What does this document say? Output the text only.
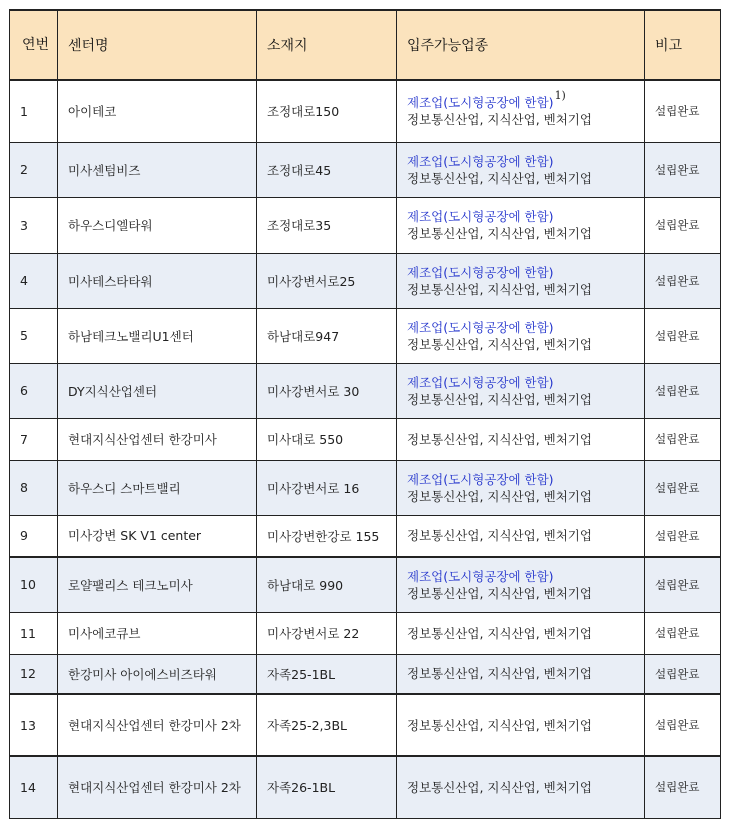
연번	센터명	소재지	입주가능업종	비고
1	아이테코	조정대로150	제조업(도시형공장에 한함) 1)
정보통신산업, 지식산업, 벤처기업	설립완료
2	미사센텀비즈	조정대로45	제조업(도시형공장에 한함)
정보통신산업, 지식산업, 벤처기업	설립완료
3	하우스디엘타워	조정대로35	제조업(도시형공장에 한함)
정보통신산업, 지식산업, 벤처기업	설립완료
4	미사테스타타워	미사강변서로25	제조업(도시형공장에 한함)
정보통신산업, 지식산업, 벤처기업	설립완료
5	하남테크노밸리U1센터	하남대로947	제조업(도시형공장에 한함)
정보통신산업, 지식산업, 벤처기업	설립완료
6	DY지식산업센터	미사강변서로 30	제조업(도시형공장에 한함)
정보통신산업, 지식산업, 벤처기업	설립완료
7	현대지식산업센터 한강미사	미사대로 550	정보통신산업, 지식산업, 벤처기업	설립완료
8	하우스디 스마트밸리	미사강변서로 16	제조업(도시형공장에 한함)
정보통신산업, 지식산업, 벤처기업	설립완료
9	미사강변 SK V1 center	미사강변한강로 155	정보통신산업, 지식산업, 벤처기업	설립완료
10	로얄팰리스 테크노미사	하남대로 990	제조업(도시형공장에 한함)
정보통신산업, 지식산업, 벤처기업	설립완료
11	미사에코큐브	미사강변서로 22	정보통신산업, 지식산업, 벤처기업	설립완료
12	한강미사 아이에스비즈타워	자족25-1BL	정보통신산업, 지식산업, 벤처기업	설립완료
13	현대지식산업센터 한강미사 2차	자족25-2,3BL	정보통신산업, 지식산업, 벤처기업	설립완료
14	현대지식산업센터 한강미사 2차	자족26-1BL	정보통신산업, 지식산업, 벤처기업	설립완료
